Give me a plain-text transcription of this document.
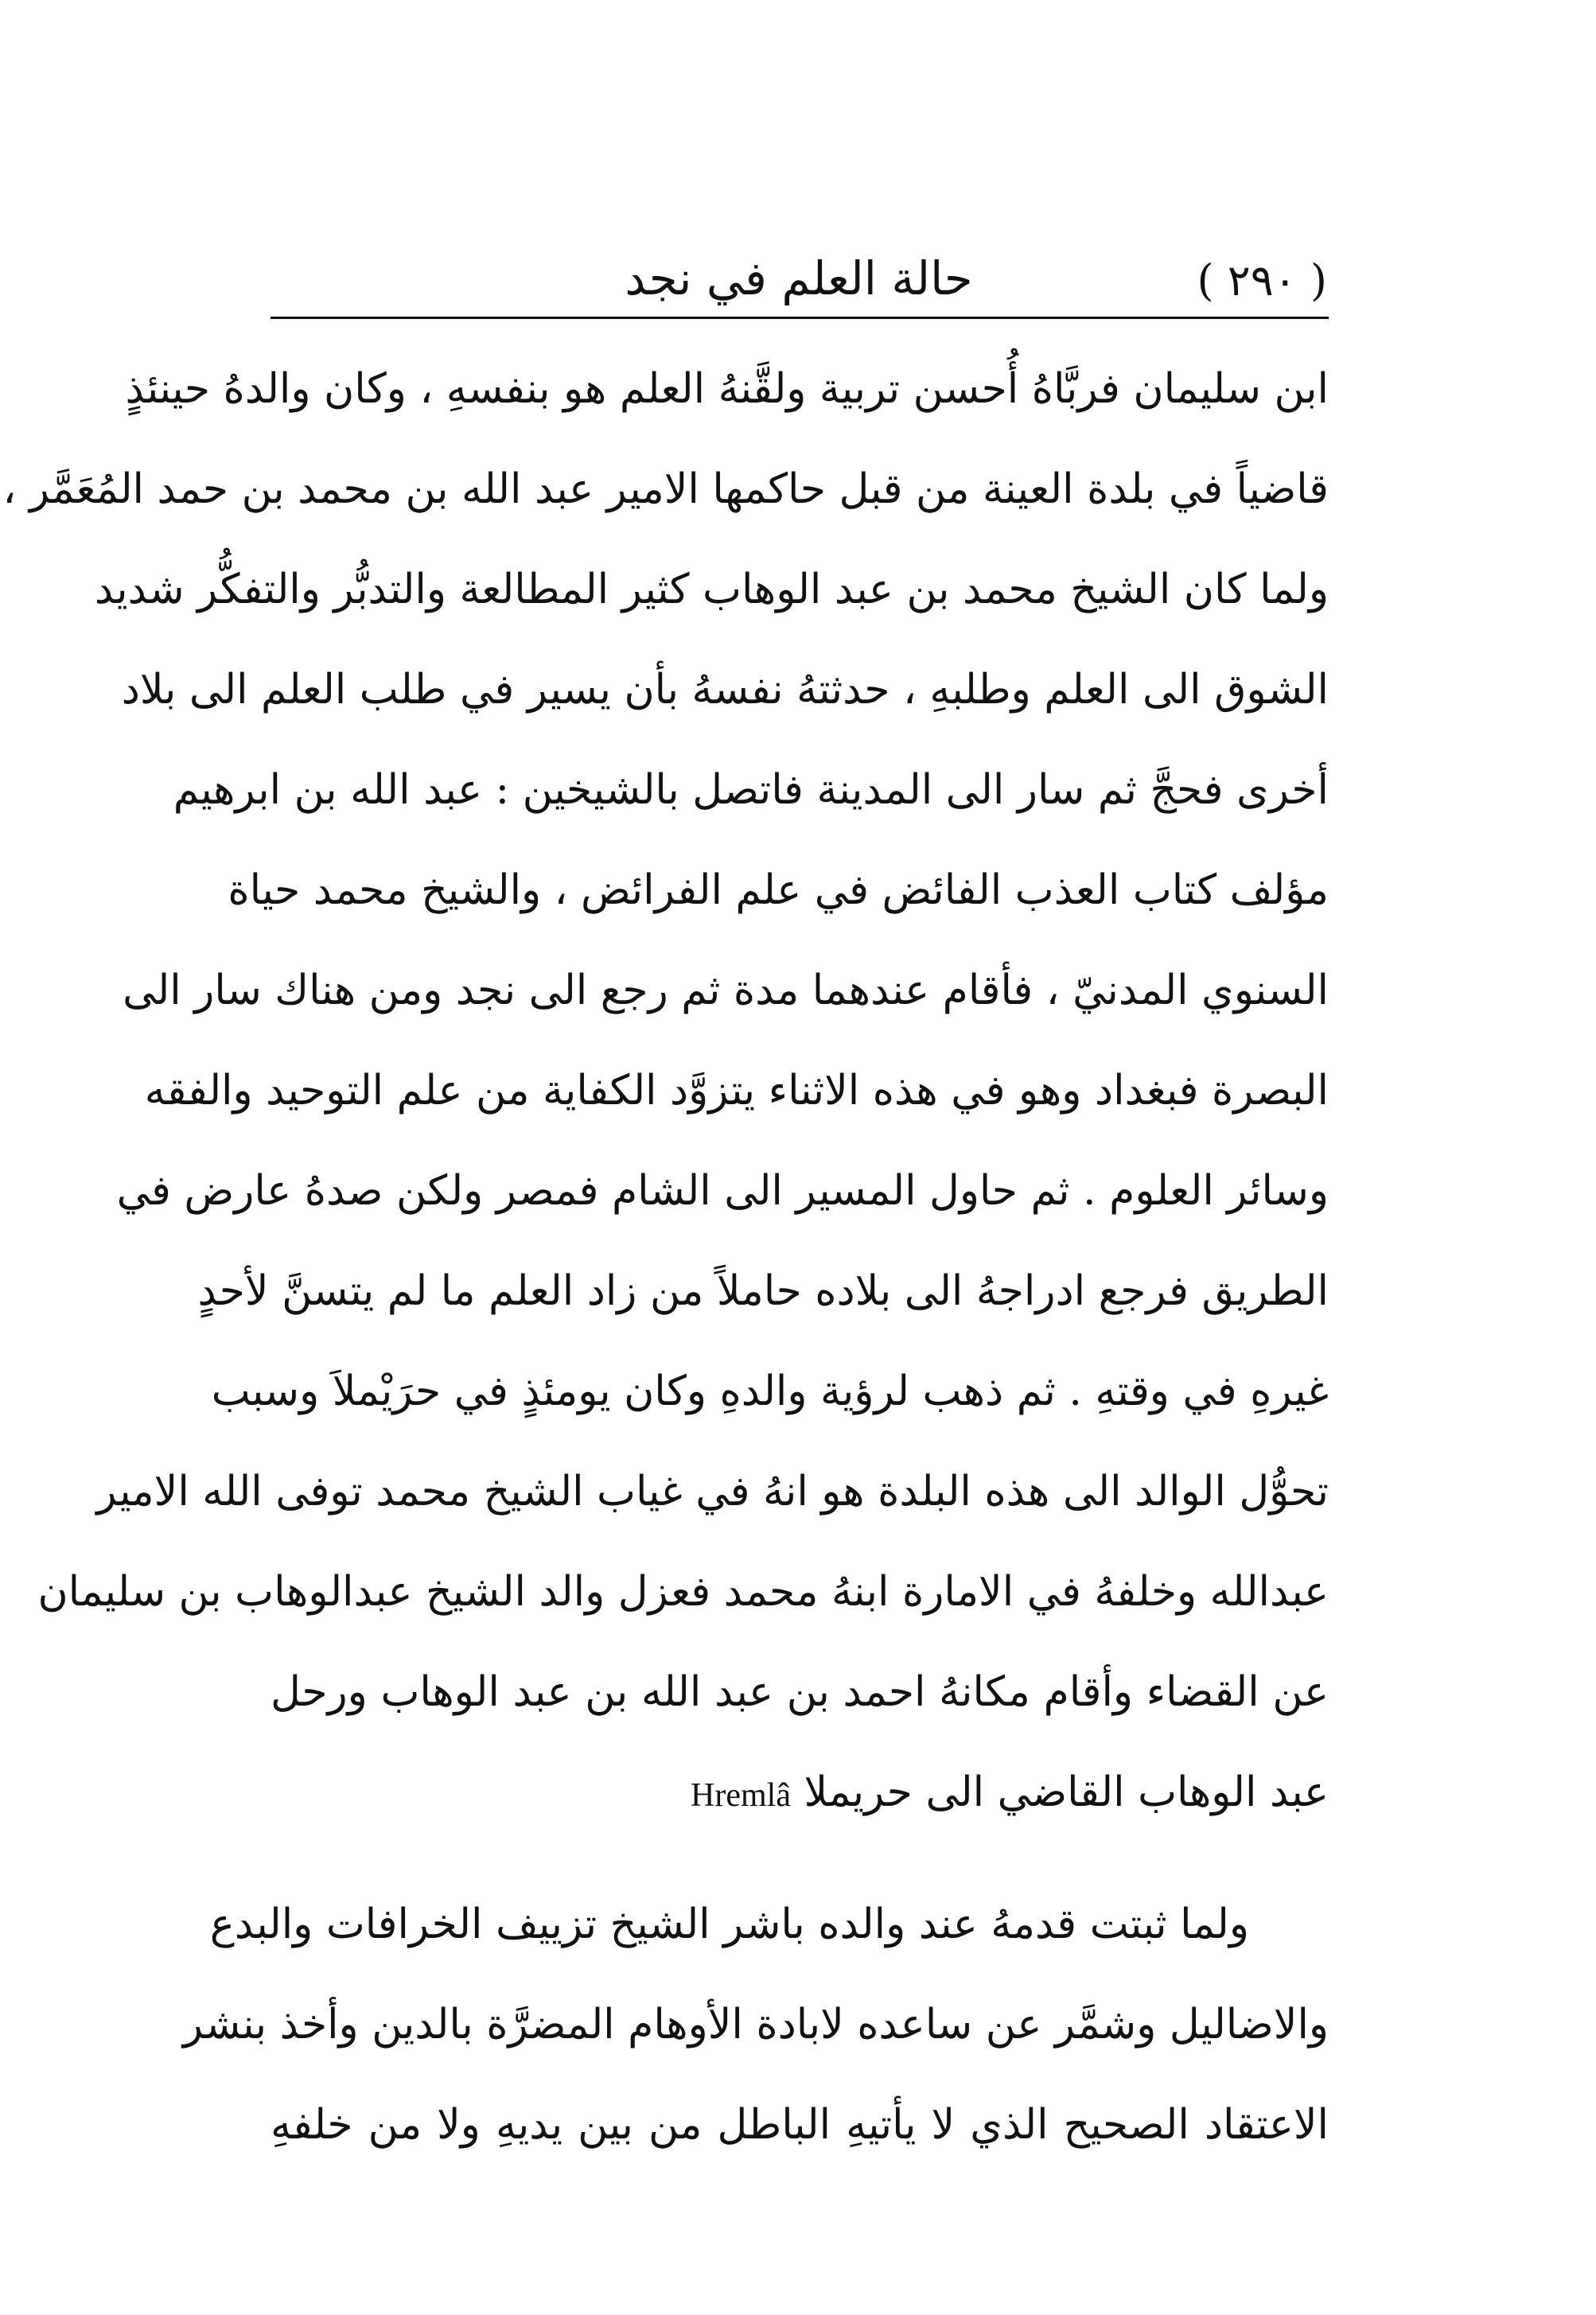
( ٢٩٠ )
حالة العلم في نجد
ابن سليمان فربَّاهُ أُحسن تربية ولقَّنهُ العلم هو بنفسهِ ، وكان والدهُ حينئذٍ
قاضياً في بلدة العينة من قبل حاكمها الامير عبد الله بن محمد بن حمد المُعَمَّر ،
ولما كان الشيخ محمد بن عبد الوهاب كثير المطالعة والتدبُّر والتفكُّر شديد
الشوق الى العلم وطلبهِ ، حدثتهُ نفسهُ بأن يسير في طلب العلم الى بلاد
أخرى فحجَّ ثم سار الى المدينة فاتصل بالشيخين : عبد الله بن ابرهيم
مؤلف كتاب العذب الفائض في علم الفرائض ، والشيخ محمد حياة
السنوي المدنيّ ، فأقام عندهما مدة ثم رجع الى نجد ومن هناك سار الى
البصرة فبغداد وهو في هذه الاثناء يتزوَّد الكفاية من علم التوحيد والفقه
وسائر العلوم . ثم حاول المسير الى الشام فمصر ولكن صدهُ عارض في
الطريق فرجع ادراجهُ الى بلاده حاملاً من زاد العلم ما لم يتسنَّ لأحدٍ
غيرهِ في وقتهِ . ثم ذهب لرؤية والدهِ وكان يومئذٍ في حرَيْملاَ وسبب
تحوُّل الوالد الى هذه البلدة هو انهُ في غياب الشيخ محمد توفى الله الامير
عبدالله وخلفهُ في الامارة ابنهُ محمد فعزل والد الشيخ عبدالوهاب بن سليمان
عن القضاء وأقام مكانهُ احمد بن عبد الله بن عبد الوهاب ورحل
عبد الوهاب القاضي الى حريملا Hremlâ
ولما ثبتت قدمهُ عند والده باشر الشيخ تزييف الخرافات والبدع
والاضاليل وشمَّر عن ساعده لابادة الأوهام المضرَّة بالدين وأخذ بنشر
الاعتقاد الصحيح الذي لا يأتيهِ الباطل من بين يديهِ ولا من خلفهِ
